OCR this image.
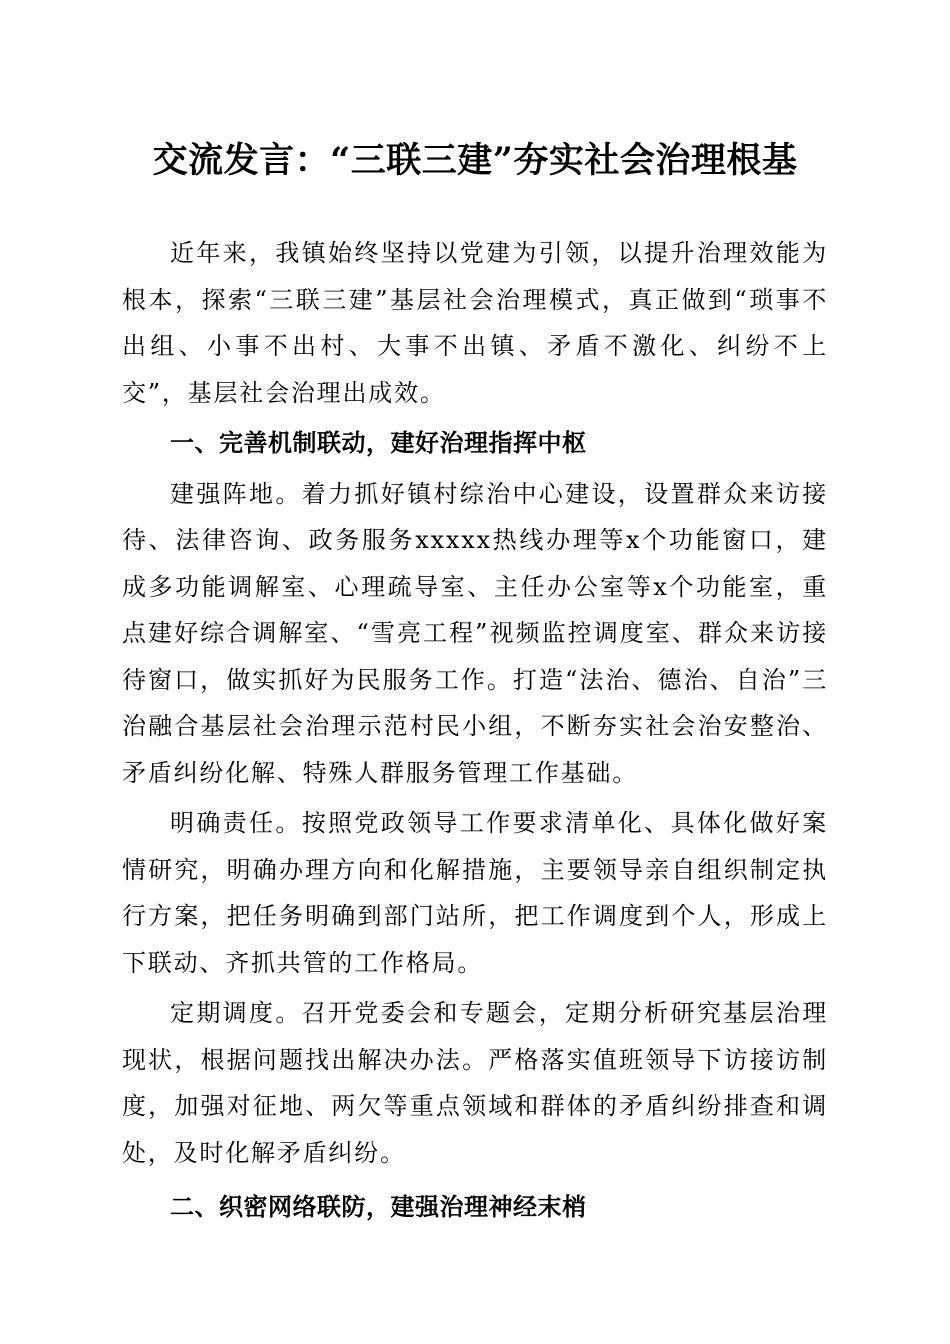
交流发言：“三联三建”夯实社会治理根基

近年来，我镇始终坚持以党建为引领，以提升治理效能为根本，探索“三联三建”基层社会治理模式，真正做到“琐事不出组、小事不出村、大事不出镇、矛盾不激化、纠纷不上交”，基层社会治理出成效。

一、完善机制联动，建好治理指挥中枢

建强阵地。着力抓好镇村综治中心建设，设置群众来访接待、法律咨询、政务服务xxxxx热线办理等x个功能窗口，建成多功能调解室、心理疏导室、主任办公室等x个功能室，重点建好综合调解室、“雪亮工程”视频监控调度室、群众来访接待窗口，做实抓好为民服务工作。打造“法治、德治、自治”三治融合基层社会治理示范村民小组，不断夯实社会治安整治、矛盾纠纷化解、特殊人群服务管理工作基础。

明确责任。按照党政领导工作要求清单化、具体化做好案情研究，明确办理方向和化解措施，主要领导亲自组织制定执行方案，把任务明确到部门站所，把工作调度到个人，形成上下联动、齐抓共管的工作格局。

定期调度。召开党委会和专题会，定期分析研究基层治理现状，根据问题找出解决办法。严格落实值班领导下访接访制度，加强对征地、两欠等重点领域和群体的矛盾纠纷排查和调处，及时化解矛盾纠纷。

二、织密网络联防，建强治理神经末梢
